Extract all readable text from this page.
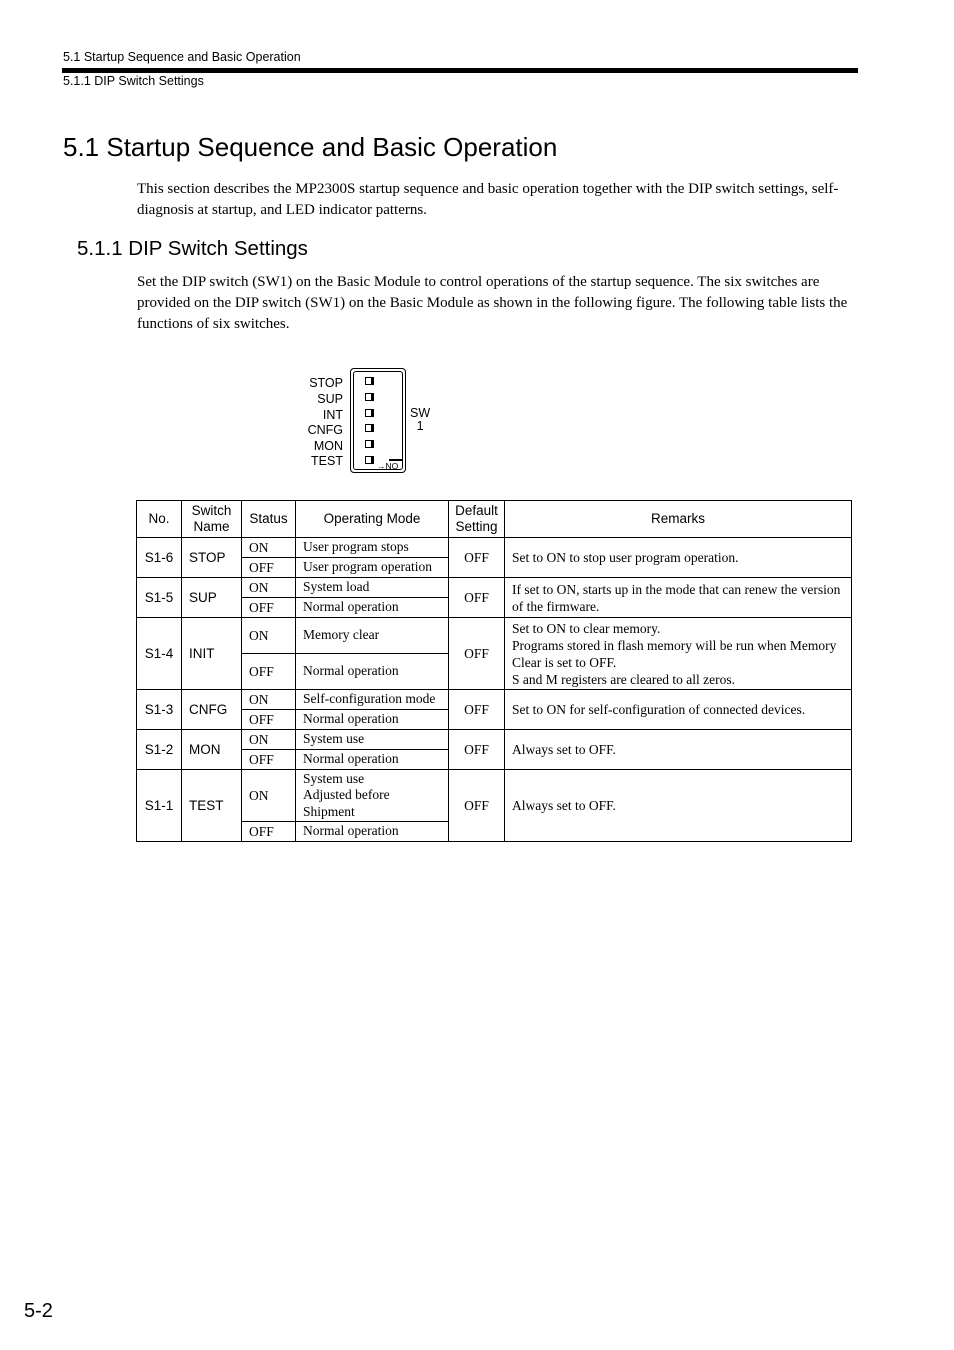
5.1 Startup Sequence and Basic Operation
5.1.1 DIP Switch Settings
5.1 Startup Sequence and Basic Operation

This section describes the MP2300S startup sequence and basic operation together with the DIP switch settings, self-diagnosis at startup, and LED indicator patterns.

5.1.1 DIP Switch Settings

Set the DIP switch (SW1) on the Basic Module to control operations of the startup sequence. The six switches are provided on the DIP switch (SW1) on the Basic Module as shown in the following figure. The following table lists the functions of six switches.

STOP
SUP
INT
CNFG
MON
TEST	→NO
SW
1
No.	Switch Name	Status	Operating Mode	Default Setting	Remarks
S1-6	STOP	ON	User program stops	OFF	Set to ON to stop user program operation.
		OFF	User program operation		
S1-5	SUP	ON	System load	OFF	If set to ON, starts up in the mode that can renew the version of the firmware.
		OFF	Normal operation		
S1-4	INIT	ON	Memory clear	OFF	Set to ON to clear memory.
Programs stored in flash memory will be run when Memory Clear is set to OFF.
S and M registers are cleared to all zeros.

		OFF	Normal operation		
S1-3	CNFG	ON	Self-configuration mode	OFF	Set to ON for self-configuration of connected devices.
		OFF	Normal operation		
S1-2	MON	ON	System use	OFF	Always set to OFF.
		OFF	Normal operation		
S1-1	TEST	ON	System use
Adjusted before
Shipment	OFF	Always set to OFF.
		OFF	Normal operation		
5-2
